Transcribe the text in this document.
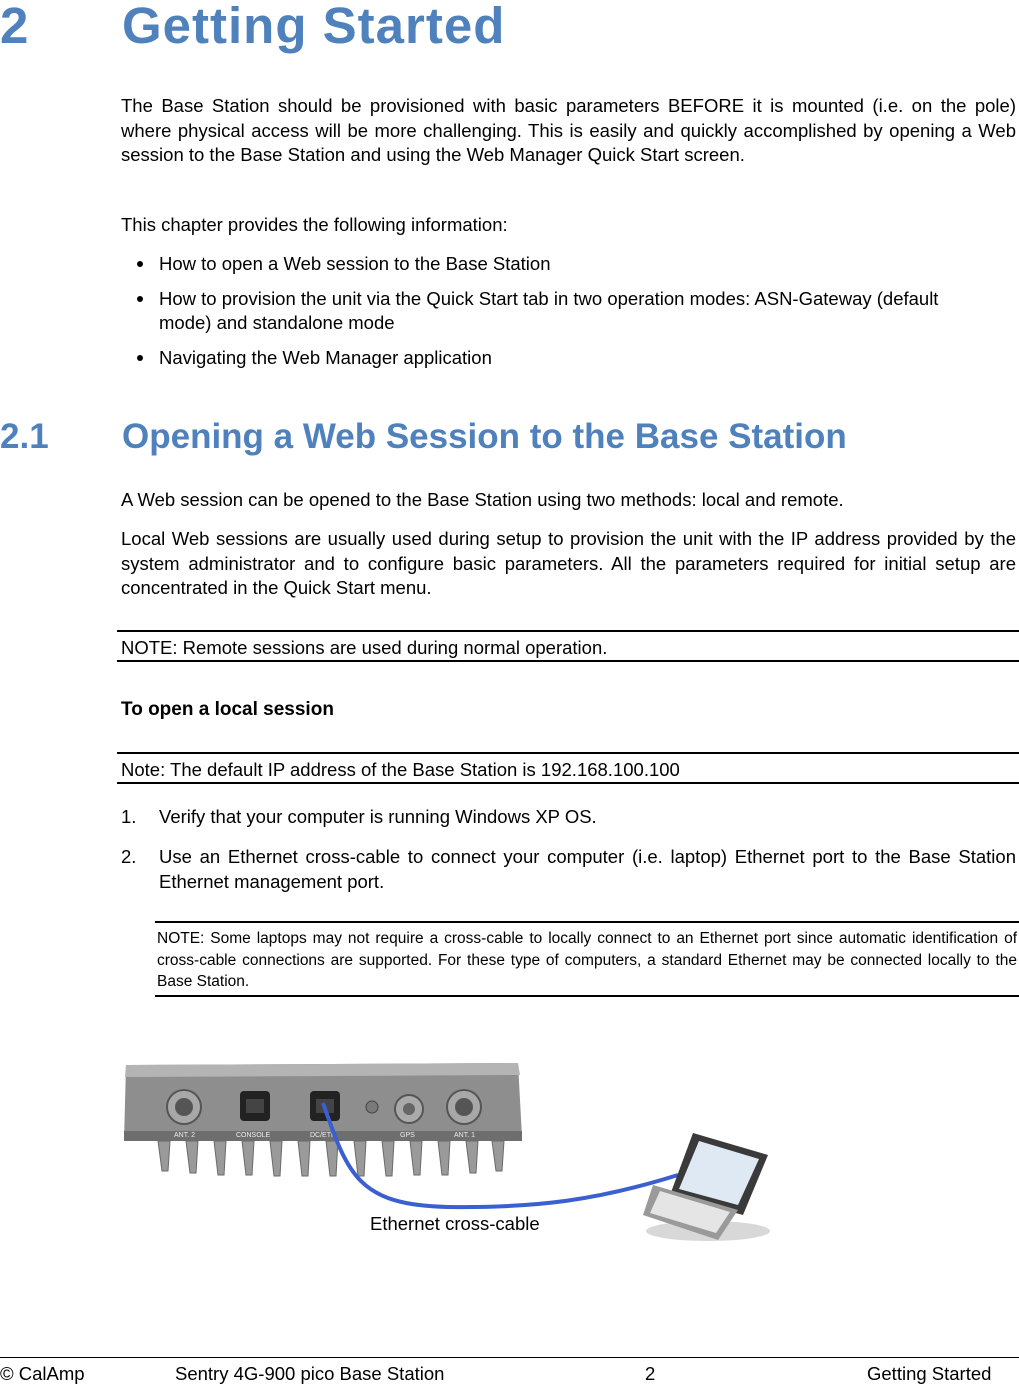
2 Getting Started
The Base Station should be provisioned with basic parameters BEFORE it is mounted (i.e. on the pole) where physical access will be more challenging. This is easily and quickly accomplished by opening a Web session to the Base Station and using the Web Manager Quick Start screen.
This chapter provides the following information:
How to open a Web session to the Base Station
How to provision the unit via the Quick Start tab in two operation modes: ASN-Gateway (default mode) and standalone mode
Navigating the Web Manager application
2.1 Opening a Web Session to the Base Station
A Web session can be opened to the Base Station using two methods: local and remote.
Local Web sessions are usually used during setup to provision the unit with the IP address provided by the system administrator and to configure basic parameters. All the parameters required for initial setup are concentrated in the Quick Start menu.
NOTE: Remote sessions are used during normal operation.
To open a local session
Note: The default IP address of the Base Station is 192.168.100.100
1. Verify that your computer is running Windows XP OS.
2. Use an Ethernet cross-cable to connect your computer (i.e. laptop) Ethernet port to the Base Station Ethernet management port.
NOTE: Some laptops may not require a cross-cable to locally connect to an Ethernet port since automatic identification of cross-cable connections are supported. For these type of computers, a standard Ethernet may be connected locally to the Base Station.
ANT. 2	CONSOLE	DC/ETH	GPS	ANT. 1
Ethernet cross-cable
© CalAmp	Sentry 4G-900 pico Base Station	2	Getting Started
